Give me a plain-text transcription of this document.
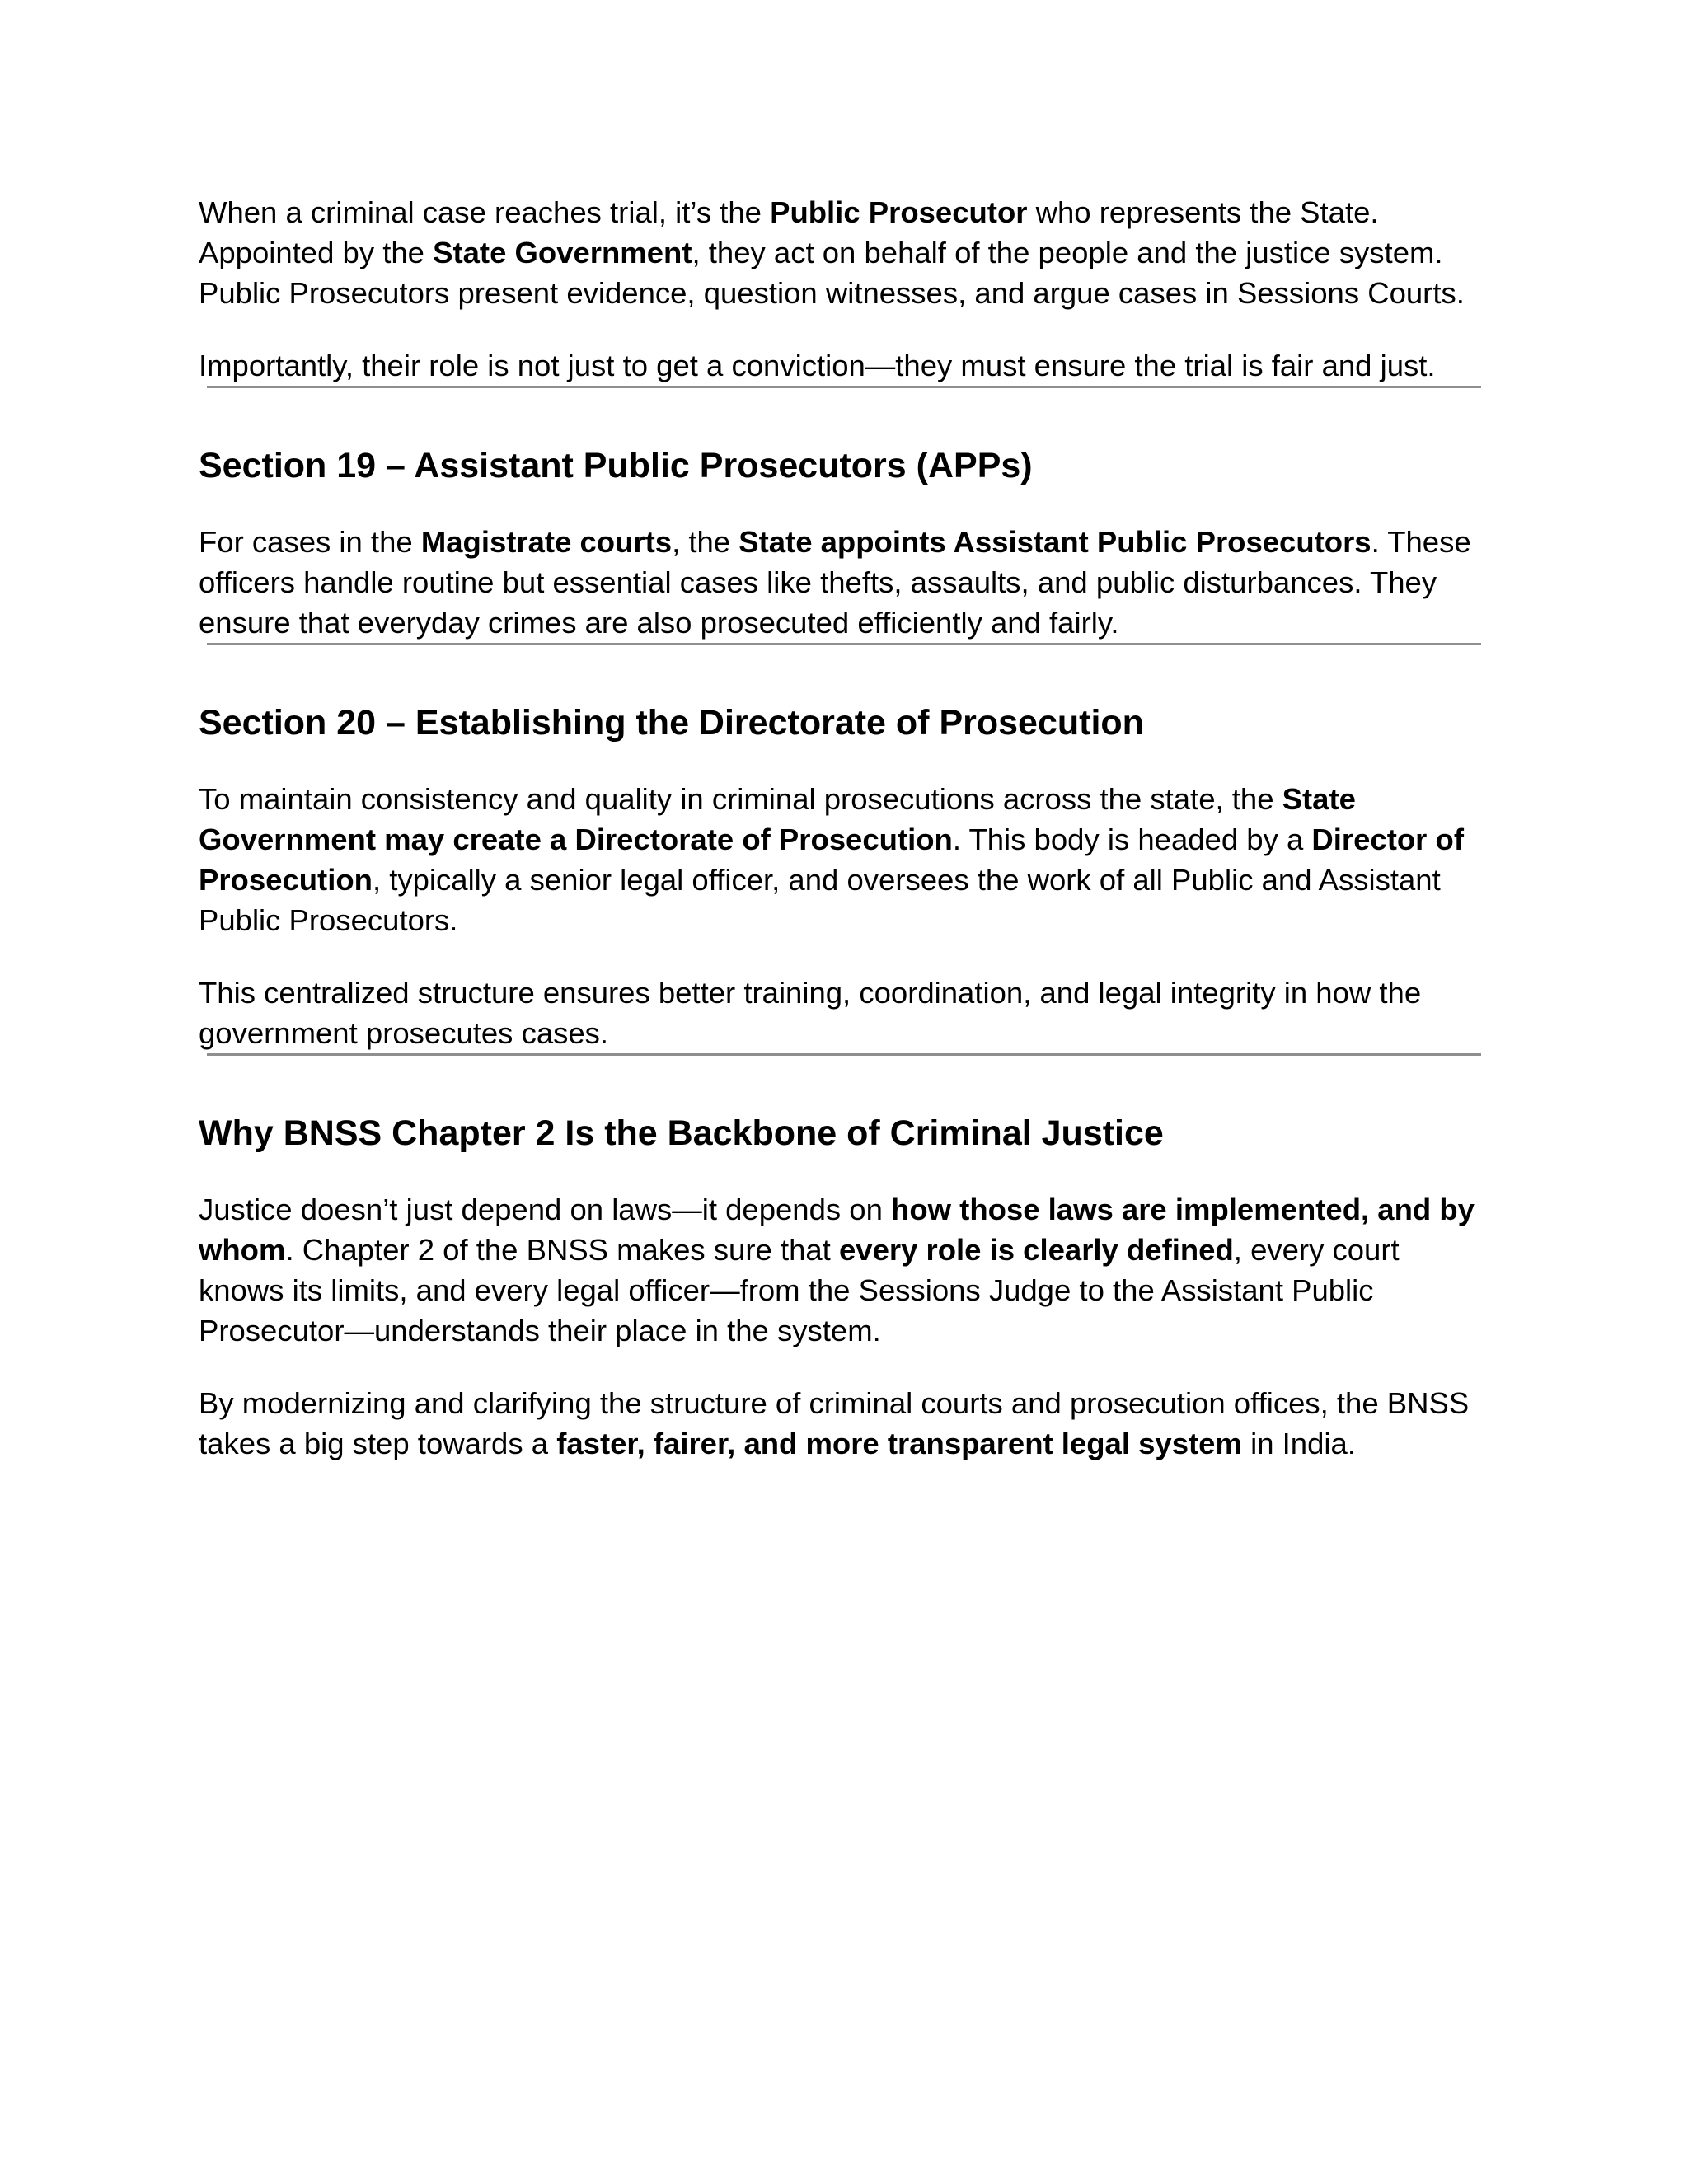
When a criminal case reaches trial, it’s the Public Prosecutor who represents the State. Appointed by the State Government, they act on behalf of the people and the justice system. Public Prosecutors present evidence, question witnesses, and argue cases in Sessions Courts.

Importantly, their role is not just to get a conviction—they must ensure the trial is fair and just.

Section 19 – Assistant Public Prosecutors (APPs)

For cases in the Magistrate courts, the State appoints Assistant Public Prosecutors. These officers handle routine but essential cases like thefts, assaults, and public disturbances. They ensure that everyday crimes are also prosecuted efficiently and fairly.

Section 20 – Establishing the Directorate of Prosecution

To maintain consistency and quality in criminal prosecutions across the state, the State Government may create a Directorate of Prosecution. This body is headed by a Director of Prosecution, typically a senior legal officer, and oversees the work of all Public and Assistant Public Prosecutors.

This centralized structure ensures better training, coordination, and legal integrity in how the government prosecutes cases.

Why BNSS Chapter 2 Is the Backbone of Criminal Justice

Justice doesn’t just depend on laws—it depends on how those laws are implemented, and by whom. Chapter 2 of the BNSS makes sure that every role is clearly defined, every court knows its limits, and every legal officer—from the Sessions Judge to the Assistant Public Prosecutor—understands their place in the system.

By modernizing and clarifying the structure of criminal courts and prosecution offices, the BNSS takes a big step towards a faster, fairer, and more transparent legal system in India.
